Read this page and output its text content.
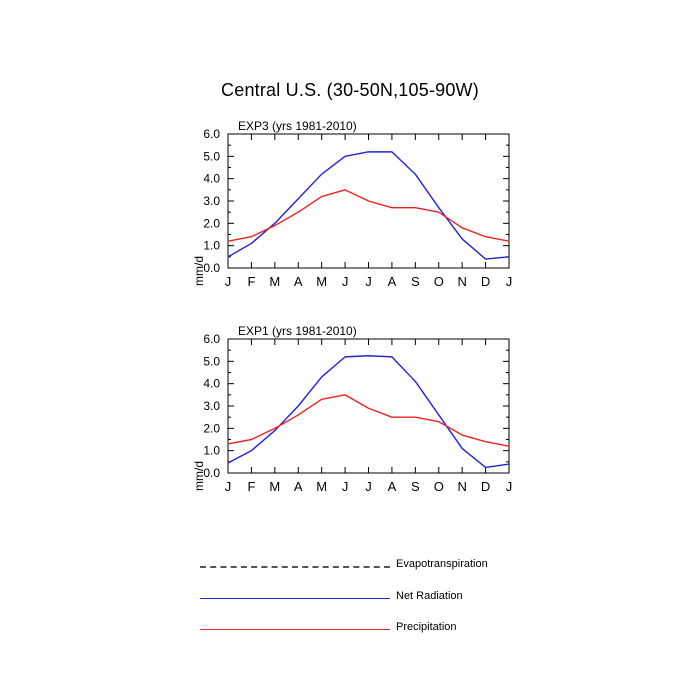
Central U.S. (30-50N,105-90W)
EXP3 (yrs 1981-2010)
mm/d
0.0
1.0
2.0
3.0
4.0
5.0
6.0
J F M A M J J A S O N D J
EXP1 (yrs 1981-2010)
mm/d
0.0
1.0
2.0
3.0
4.0
5.0
6.0
J F M A M J J A S O N D J
Evapotranspiration
Net Radiation
Precipitation
